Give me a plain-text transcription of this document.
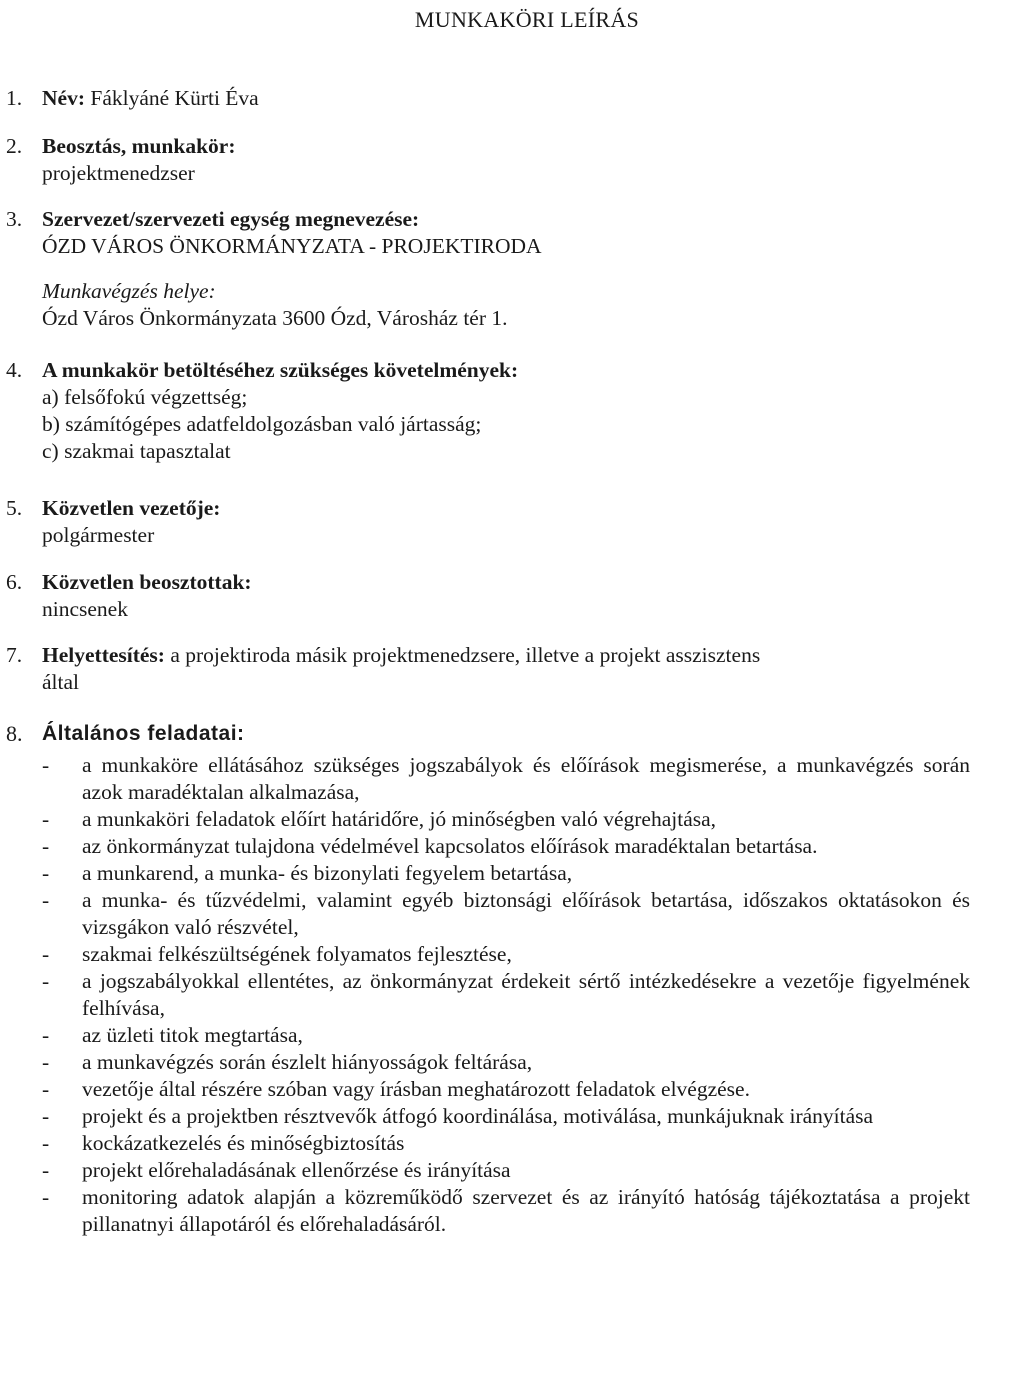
MUNKAKÖRI LEÍRÁS
1. Név: Fáklyáné Kürti Éva
2. Beosztás, munkakör:
projektmenedzser
3. Szervezet/szervezeti egység megnevezése:
ÓZD VÁROS ÖNKORMÁNYZATA - PROJEKTIRODA
Munkavégzés helye:
Ózd Város Önkormányzata 3600 Ózd, Városház tér 1.
4. A munkakör betöltéséhez szükséges követelmények:
a) felsőfokú végzettség;
b) számítógépes adatfeldolgozásban való jártasság;
c) szakmai tapasztalat
5. Közvetlen vezetője:
polgármester
6. Közvetlen beosztottak:
nincsenek
7. Helyettesítés: a projektiroda másik projektmenedzsere, illetve a projekt asszisztens
által
8. Általános feladatai:
-	a munkaköre ellátásához szükséges jogszabályok és előírások megismerése, a munkavégzés során azok maradéktalan alkalmazása,
-	a munkaköri feladatok előírt határidőre, jó minőségben való végrehajtása,
-	az önkormányzat tulajdona védelmével kapcsolatos előírások maradéktalan betartása.
-	a munkarend, a munka- és bizonylati fegyelem betartása,
-	a munka- és tűzvédelmi, valamint egyéb biztonsági előírások betartása, időszakos oktatásokon és vizsgákon való részvétel,
-	szakmai felkészültségének folyamatos fejlesztése,
-	a jogszabályokkal ellentétes, az önkormányzat érdekeit sértő intézkedésekre a vezetője figyelmének felhívása,
-	az üzleti titok megtartása,
-	a munkavégzés során észlelt hiányosságok feltárása,
-	vezetője által részére szóban vagy írásban meghatározott feladatok elvégzése.
-	projekt és a projektben résztvevők átfogó koordinálása, motiválása, munkájuknak irányítása
-	kockázatkezelés és minőségbiztosítás
-	projekt előrehaladásának ellenőrzése és irányítása
-	monitoring adatok alapján a közreműködő szervezet és az irányító hatóság tájékoztatása a projekt pillanatnyi állapotáról és előrehaladásáról.
